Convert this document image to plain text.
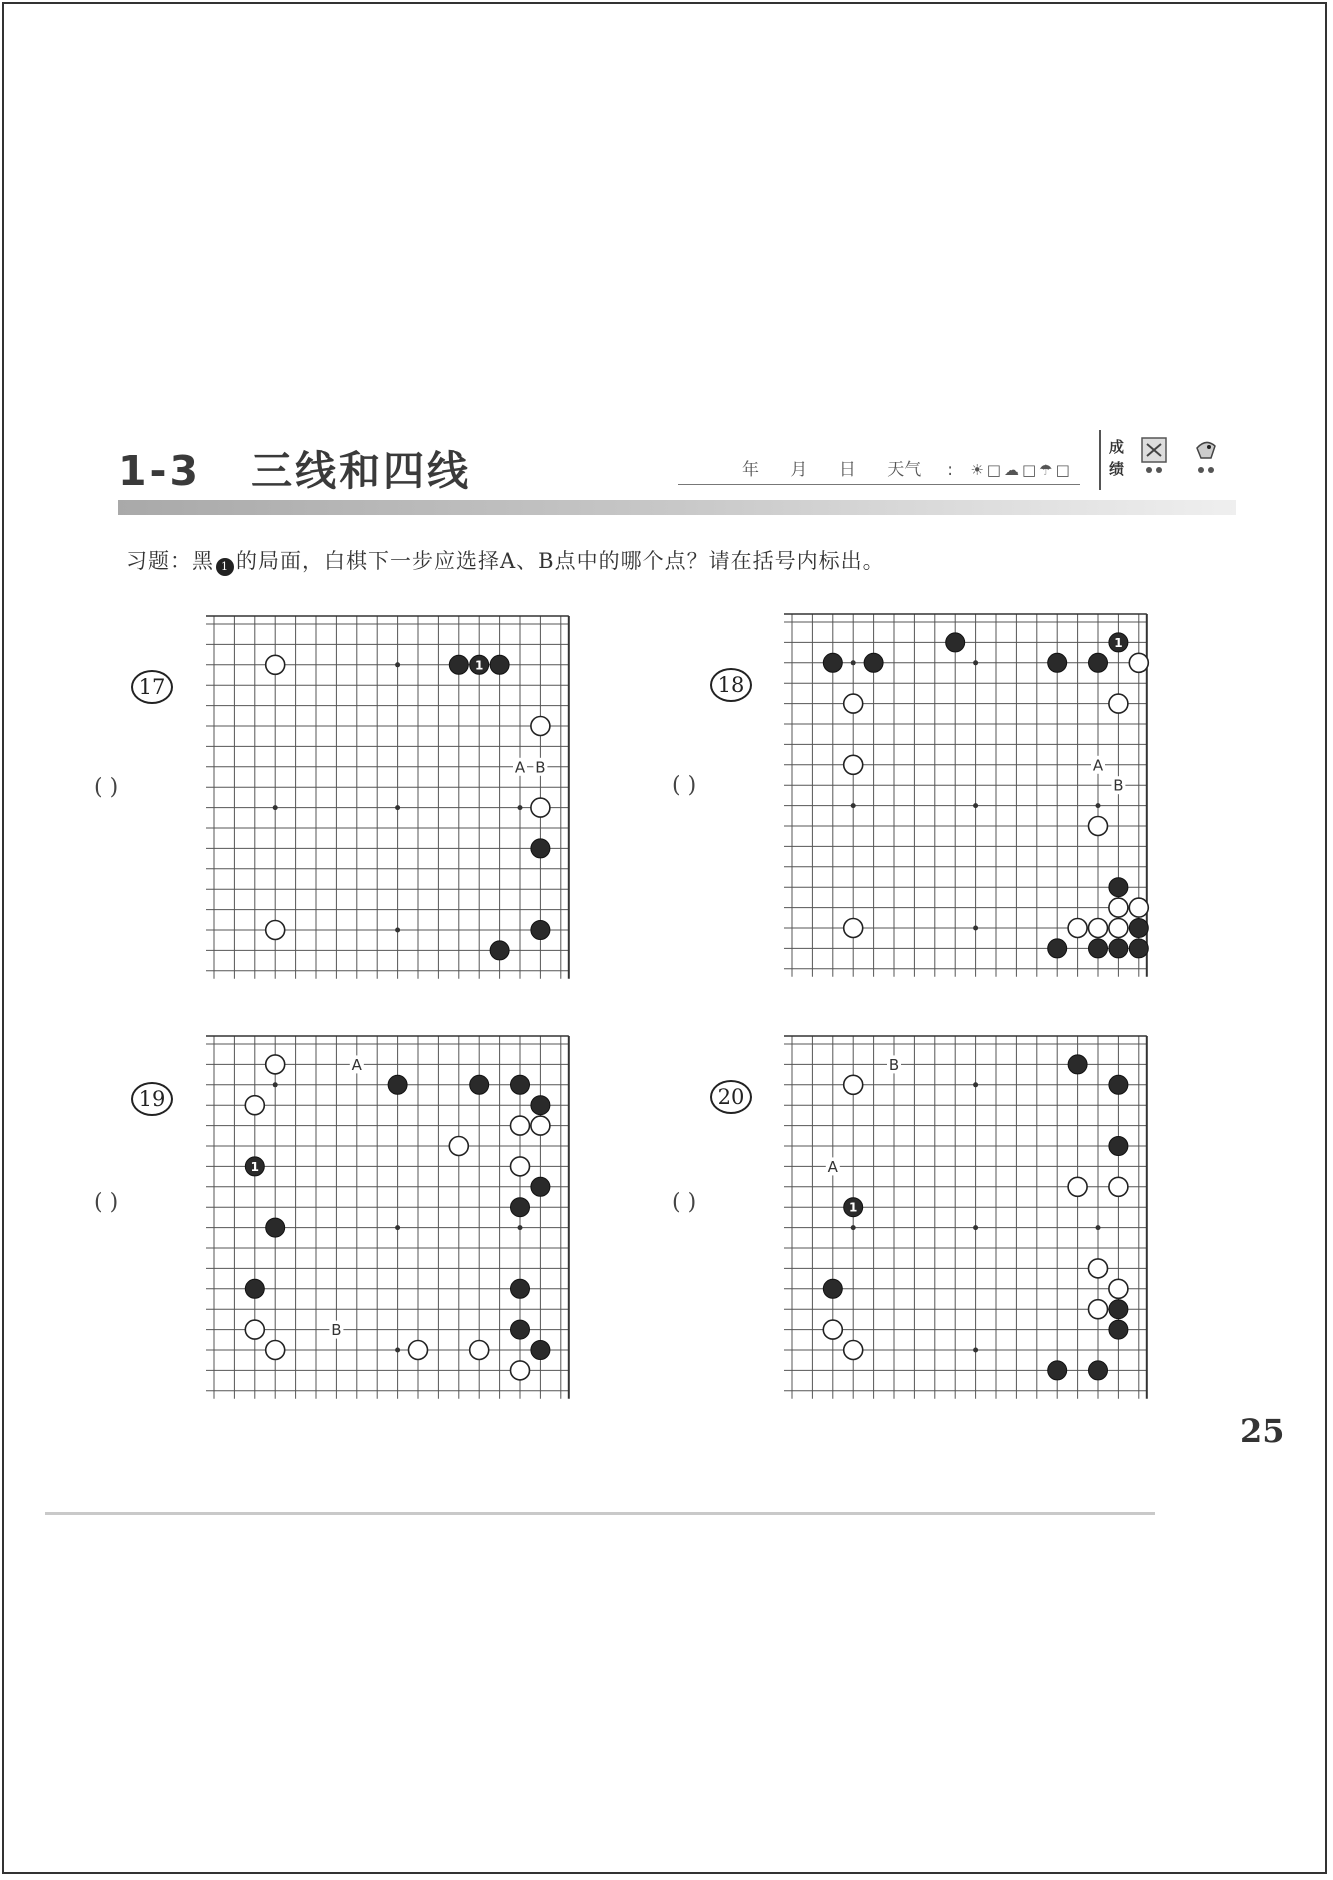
1-3 三线和四线	年 月 日 天气 : ☀□☁□☂□
成绩
习题：黑 1 的局面，白棋下一步应选择A、B点中的哪个点？请在括号内标出。
17
( )
1
A B
18
( )
1
A
B
19
( )
1
A
B
20
( )	1
B
A
25
